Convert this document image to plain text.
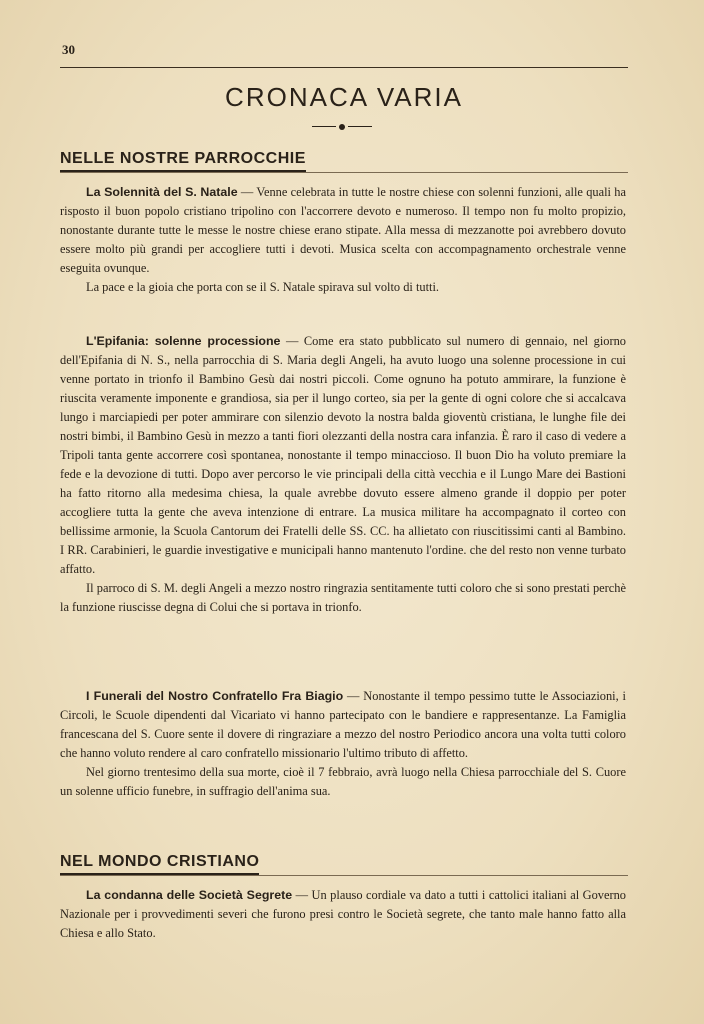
30
CRONACA VARIA
NELLE NOSTRE PARROCCHIE

La Solennità del S. Natale — Venne celebrata in tutte le nostre chiese con solenni funzioni, alle quali ha risposto il buon popolo cristiano tripolino con l'accorrere devoto e numeroso. Il tempo non fu molto propizio, nonostante durante tutte le messe le nostre chiese erano stipate. Alla messa di mezzanotte poi avrebbero dovuto essere molto più grandi per accogliere tutti i devoti. Musica scelta con accompagnamento orchestrale venne eseguita ovunque.

La pace e la gioia che porta con se il S. Natale spirava sul volto di tutti.

L'Epifania: solenne processione — Come era stato pubblicato sul numero di gennaio, nel giorno dell'Epifania di N. S., nella parrocchia di S. Maria degli Angeli, ha avuto luogo una solenne processione in cui venne portato in trionfo il Bambino Gesù dai nostri piccoli. Come ognuno ha potuto ammirare, la funzione è riuscita veramente imponente e grandiosa, sia per il lungo corteo, sia per la gente di ogni colore che si accalcava lungo i marciapiedi per poter ammirare con silenzio devoto la nostra balda gioventù cristiana, le lunghe file dei nostri bimbi, il Bambino Gesù in mezzo a tanti fiori olezzanti della nostra cara infanzia. È raro il caso di vedere a Tripoli tanta gente accorrere così spontanea, nonostante il tempo minaccioso. Il buon Dio ha voluto premiare la fede e la devozione di tutti. Dopo aver percorso le vie principali della città vecchia e il Lungo Mare dei Bastioni ha fatto ritorno alla medesima chiesa, la quale avrebbe dovuto essere almeno grande il doppio per poter accogliere tutta la gente che aveva intenzione di entrare. La musica militare ha accompagnato il corteo con bellissime armonie, la Scuola Cantorum dei Fratelli delle SS. CC. ha allietato con riuscitissimi canti al Bambino. I RR. Carabinieri, le guardie investigative e municipali hanno mantenuto l'ordine. che del resto non venne turbato affatto.

Il parroco di S. M. degli Angeli a mezzo nostro ringrazia sentitamente tutti coloro che si sono prestati perchè la funzione riuscisse degna di Colui che si portava in trionfo.

I Funerali del Nostro Confratello Fra Biagio — Nonostante il tempo pessimo tutte le Associazioni, i Circoli, le Scuole dipendenti dal Vicariato vi hanno partecipato con le bandiere e rappresentanze. La Famiglia francescana del S. Cuore sente il dovere di ringraziare a mezzo del nostro Periodico ancora una volta tutti coloro che hanno voluto rendere al caro confratello missionario l'ultimo tributo di affetto.

Nel giorno trentesimo della sua morte, cioè il 7 febbraio, avrà luogo nella Chiesa parrocchiale del S. Cuore un solenne ufficio funebre, in suffragio dell'anima sua.

NEL MONDO CRISTIANO

La condanna delle Società Segrete — Un plauso cordiale va dato a tutti i cattolici italiani al Governo Nazionale per i provvedimenti severi che furono presi contro le Società segrete, che tanto male hanno fatto alla Chiesa e allo Stato.
